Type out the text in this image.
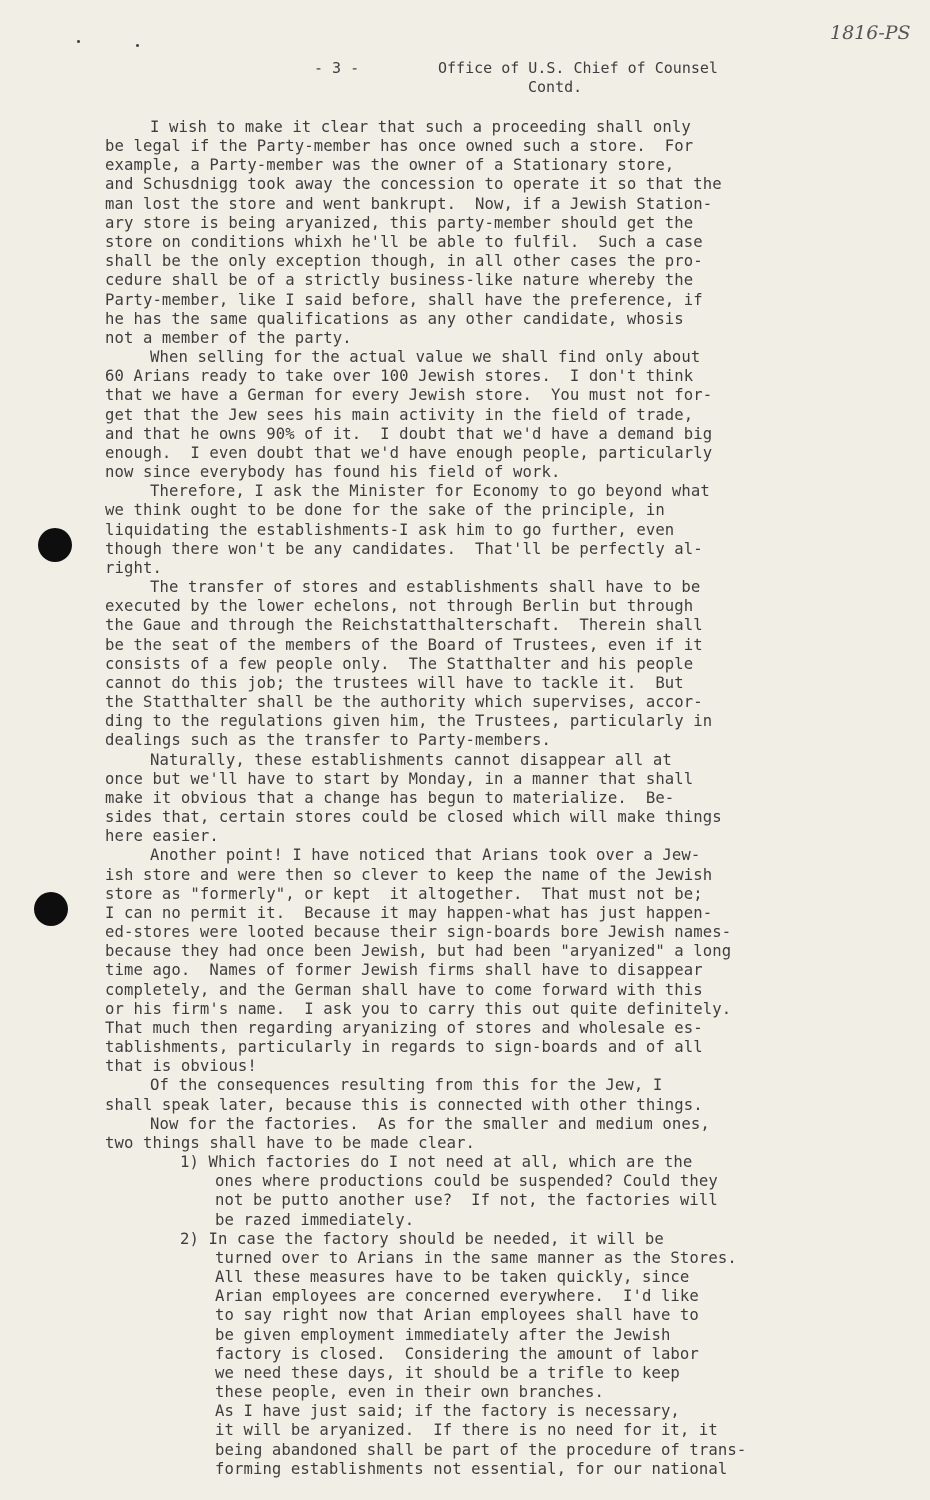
1816-PS
- 3 -	Office of U.S. Chief of Counsel
Contd.
I wish to make it clear that such a proceeding shall only
be legal if the Party-member has once owned such a store.  For
example, a Party-member was the owner of a Stationary store,
and Schusdnigg took away the concession to operate it so that the
man lost the store and went bankrupt.  Now, if a Jewish Station-
ary store is being aryanized, this party-member should get the
store on conditions whixh he'll be able to fulfil.  Such a case
shall be the only exception though, in all other cases the pro-
cedure shall be of a strictly business-like nature whereby the
Party-member, like I said before, shall have the preference, if
he has the same qualifications as any other candidate, whosis
not a member of the party.
When selling for the actual value we shall find only about
60 Arians ready to take over 100 Jewish stores.  I don't think
that we have a German for every Jewish store.  You must not for-
get that the Jew sees his main activity in the field of trade,
and that he owns 90% of it.  I doubt that we'd have a demand big
enough.  I even doubt that we'd have enough people, particularly
now since everybody has found his field of work.
Therefore, I ask the Minister for Economy to go beyond what
we think ought to be done for the sake of the principle, in
liquidating the establishments-I ask him to go further, even
though there won't be any candidates.  That'll be perfectly al-
right.
The transfer of stores and establishments shall have to be
executed by the lower echelons, not through Berlin but through
the Gaue and through the Reichstatthalterschaft.  Therein shall
be the seat of the members of the Board of Trustees, even if it
consists of a few people only.  The Statthalter and his people
cannot do this job; the trustees will have to tackle it.  But
the Statthalter shall be the authority which supervises, accor-
ding to the regulations given him, the Trustees, particularly in
dealings such as the transfer to Party-members.
Naturally, these establishments cannot disappear all at
once but we'll have to start by Monday, in a manner that shall
make it obvious that a change has begun to materialize.  Be-
sides that, certain stores could be closed which will make things
here easier.
Another point! I have noticed that Arians took over a Jew-
ish store and were then so clever to keep the name of the Jewish
store as "formerly", or kept  it altogether.  That must not be;
I can no permit it.  Because it may happen-what has just happen-
ed-stores were looted because their sign-boards bore Jewish names-
because they had once been Jewish, but had been "aryanized" a long
time ago.  Names of former Jewish firms shall have to disappear
completely, and the German shall have to come forward with this
or his firm's name.  I ask you to carry this out quite definitely.
That much then regarding aryanizing of stores and wholesale es-
tablishments, particularly in regards to sign-boards and of all
that is obvious!
Of the consequences resulting from this for the Jew, I
shall speak later, because this is connected with other things.
Now for the factories.  As for the smaller and medium ones,
two things shall have to be made clear.
1) Which factories do I not need at all, which are the
ones where productions could be suspended? Could they
not be putto another use?  If not, the factories will
be razed immediately.
2) In case the factory should be needed, it will be
turned over to Arians in the same manner as the Stores.
All these measures have to be taken quickly, since
Arian employees are concerned everywhere.  I'd like
to say right now that Arian employees shall have to
be given employment immediately after the Jewish
factory is closed.  Considering the amount of labor
we need these days, it should be a trifle to keep
these people, even in their own branches.
As I have just said; if the factory is necessary,
it will be aryanized.  If there is no need for it, it
being abandoned shall be part of the procedure of trans-
forming establishments not essential, for our national
